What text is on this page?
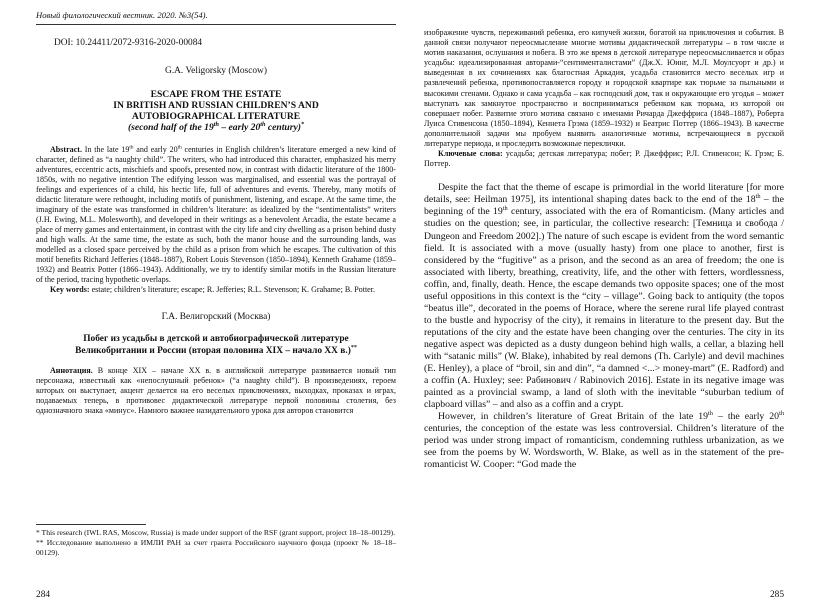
Новый филологический вестник. 2020. №3(54).
DOI: 10.24411/2072-9316-2020-00084
G.A. Veligorsky (Moscow)
ESCAPE FROM THE ESTATE
IN BRITISH AND RUSSIAN CHILDREN’S AND
AUTOBIOGRAPHICAL LITERATURE
(second half of the 19th – early 20th century)*

Abstract. In the late 19th and early 20th centuries in English children’s literature emerged a new kind of character, defined as “a naughty child”. The writers, who had introduced this character, emphasized his merry adventures, eccentric acts, mischiefs and spoofs, presented now, in contrast with didactic literature of the 1800-1850s, with no negative intention The edifying lesson was marginalised, and essential was the portrayal of feelings and experiences of a child, his hectic life, full of adventures and events. Thereby, many motifs of didactic literature were rethought, including motifs of punishment, listening, and escape. At the same time, the imaginary of the estate was transformed in children’s literature: as idealized by the “sentimentalists” writers (J.H. Ewing, M.L. Molesworth), and developed in their writings as a benevolent Arcadia, the estate became a place of merry games and entertainment, in contrast with the city life and city dwelling as a prison behind dusty and high walls. At the same time, the estate as such, both the manor house and the surrounding lands, was modelled as a closed space perceived by the child as a prison from which he escapes. The cultivation of this motif benefits Richard Jefferies (1848–1887), Robert Louis Stevenson (1850–1894), Kenneth Grahame (1859–1932) and Beatrix Potter (1866–1943). Additionally, we try to identify similar motifs in the Russian literature of the period, tracing hypothetic overlaps.

Key words: estate; children’s literature; escape; R. Jefferies; R.L. Stevenson; K. Grahame; B. Potter.

Г.А. Велигорский (Москва)
Побег из усадьбы в детской и автобиографической литературе
Великобритании и России (вторая половина XIX – начало XX в.)**

Аннотация. В конце XIX – начале XX в. в английской литературе развивается новый тип персонажа, известный как «непослушный ребенок» (“a naughty child”). В произведениях, героем которых он выступает, акцент делается на его веселых приключениях, выходках, проказах и играх, подаваемых теперь, в противовес дидактической литературе первой половины столетия, без однозначного знака «минус». Намного важнее назидательного урока для авторов становится

* This research (IWL RAS, Moscow, Russia) is made under support of the RSF (grant support, project 18–18–00129).

** Исследование выполнено в ИМЛИ РАН за счет гранта Российского научного фонда (проект № 18–18–00129).

284

изображение чувств, переживаний ребенка, его кипучей жизни, богатой на приключения и события. В данной связи получают переосмысление многие мотивы дидактической литературы – в том числе и мотив наказания, ослушания и побега. В это же время в детской литературе переосмысливается и образ усадьбы: идеализированная авторами-“сентименталистами” (Дж.Х. Юинг, М.Л. Моулсуорт и др.) и выведенная в их сочинениях как благостная Аркадия, усадьба становится место веселых игр и развлечений ребенка, противопоставляется городу и городской квартире как тюрьме за пыльными и высокими стенами. Однако и сама усадьба – как господский дом, так и окружающие его угодья – может выступать как замкнутое пространство и восприниматься ребенком как тюрьма, из которой он совершает побег. Развитие этого мотива связано с именами Ричарда Джеффриса (1848–1887), Роберта Луиса Стивенсона (1850–1894), Кеннета Грэма (1859–1932) и Беатрис Поттер (1866–1943). В качестве дополнительной задачи мы пробуем выявить аналогичные мотивы, встречающиеся в русской литературе периода, и проследить возможные переклички.

Ключевые слова: усадьба; детская литература; побег; Р. Джеффрис; Р.Л. Стивенсон; К. Грэм; Б. Поттер.

Despite the fact that the theme of escape is primordial in the world literature [for more details, see: Heilman 1975], its intentional shaping dates back to the end of the 18th – the beginning of the 19th century, associated with the era of Romanticism. (Many articles and studies on the question; see, in particular, the collective research: [Темница и свобода / Dungeon and Freedom 2002].) The nature of such escape is evident from the word semantic field. It is associated with a move (usually hasty) from one place to another, first is considered by the “fugitive” as a prison, and the second as an area of freedom; the one is associated with liberty, breathing, creativity, life, and the other with fetters, wordlessness, coffin, and, finally, death. Hence, the escape demands two opposite spaces; one of the most useful oppositions in this context is the “city – village”. Going back to antiquity (the topos “beatus ille”, decorated in the poems of Horace, where the serene rural life played contrast to the bustle and hypocrisy of the city), it remains in literature to the present day. But the reputations of the city and the estate have been changing over the centuries. The city in its negative aspect was depicted as a dusty dungeon behind high walls, a cellar, a blazing hell with “satanic mills” (W. Blake), inhabited by real demons (Th. Carlyle) and devil machines (E. Henley), a place of “broil, sin and din”, “a damned <...> money-mart” (E. Radford) and a coffin (A. Huxley; see: Рабинович / Rabinovich 2016]. Estate in its negative image was painted as a provincial swamp, a land of sloth with the inevitable “suburban tedium of clapboard villas” – and also as a coffin and a crypt.

However, in children’s literature of Great Britain of the late 19th – the early 20th centuries, the conception of the estate was less controversial. Children’s literature of the period was under strong impact of romanticism, condemning ruthless urbanization, as we see from the poems by W. Wordsworth, W. Blake, as well as in the statement of the pre-romanticist W. Cooper: “God made the

285
